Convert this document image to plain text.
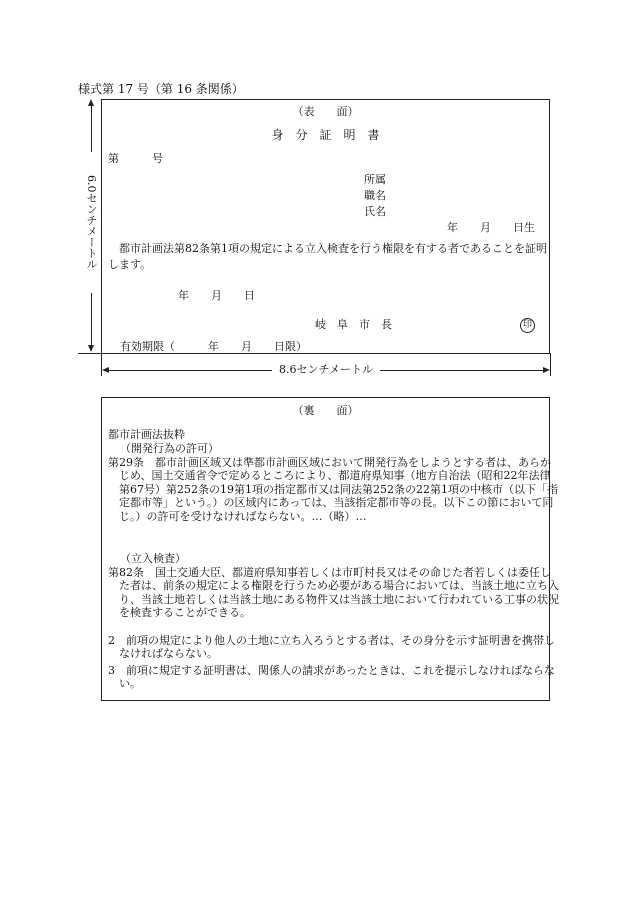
様式第 17 号（第 16 条関係）
（表　　面）
身　分　証　明　書
第　　　号
所属
職名
氏名
年　　月　　日生
　都市計画法第82条第1項の規定による立入検査を行う権限を有する者であることを証明します。
年　　月　　日
岐　阜　市　長	印
有効期限（　　　年　　月　　日限）
6.0センチメートル
8.6センチメートル
（裏　　面）
都市計画法抜粋
（開発行為の許可）
第29条　都市計画区域又は準都市計画区域において開発行為をしようとする者は、あらかじめ、国土交通省令で定めるところにより、都道府県知事（地方自治法（昭和22年法律第67号）第252条の19第1項の指定都市又は同法第252条の22第1項の中核市（以下「指定都市等」という。）の区域内にあっては、当該指定都市等の長。以下この節において同じ。）の許可を受けなければならない。…（略）…
（立入検査）
第82条　国土交通大臣、都道府県知事若しくは市町村長又はその命じた者若しくは委任した者は、前条の規定による権限を行うため必要がある場合においては、当該土地に立ち入り、当該土地若しくは当該土地にある物件又は当該土地において行われている工事の状況を検査することができる。
2　前項の規定により他人の土地に立ち入ろうとする者は、その身分を示す証明書を携帯しなければならない。
3　前項に規定する証明書は、関係人の請求があったときは、これを提示しなければならない。
